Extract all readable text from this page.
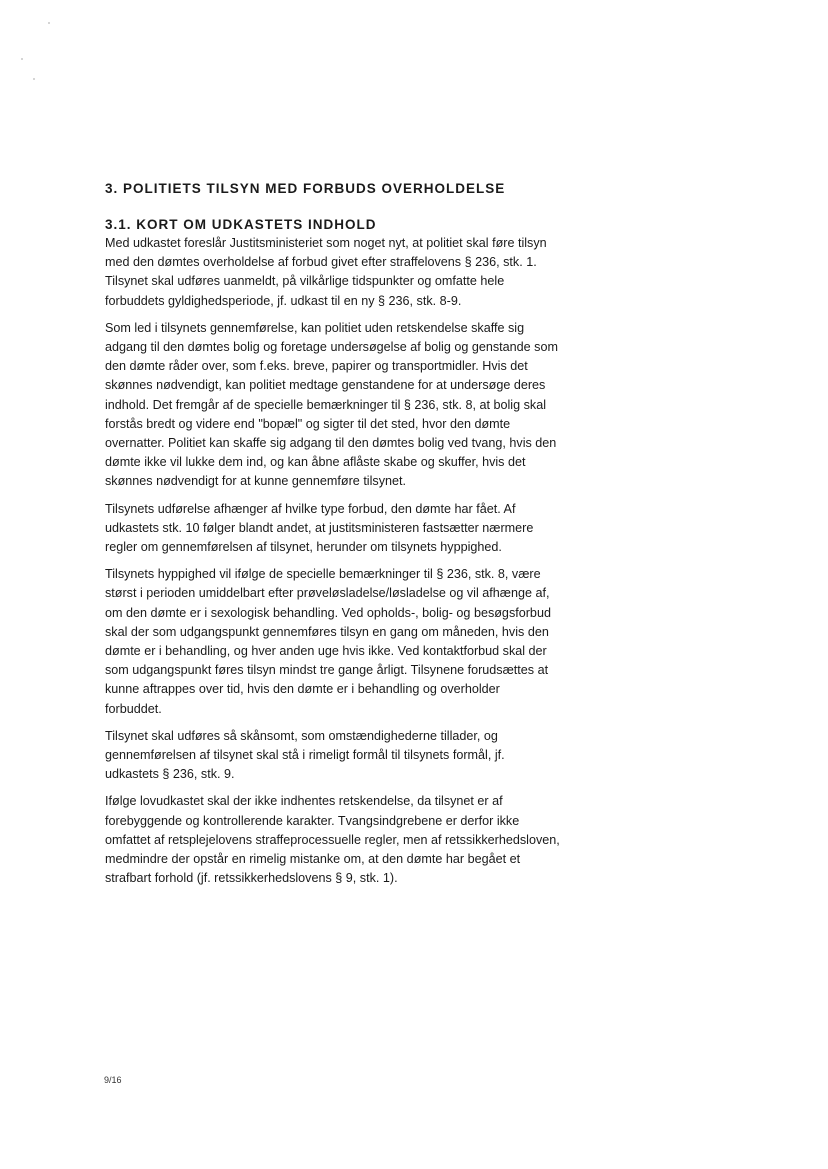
3. POLITIETS TILSYN MED FORBUDS OVERHOLDELSE
3.1. KORT OM UDKASTETS INDHOLD

Med udkastet foreslår Justitsministeriet som noget nyt, at politiet skal føre tilsyn med den dømtes overholdelse af forbud givet efter straffelovens § 236, stk. 1. Tilsynet skal udføres uanmeldt, på vilkårlige tidspunkter og omfatte hele forbuddets gyldighedsperiode, jf. udkast til en ny § 236, stk. 8-9.

Som led i tilsynets gennemførelse, kan politiet uden retskendelse skaffe sig adgang til den dømtes bolig og foretage undersøgelse af bolig og genstande som den dømte råder over, som f.eks. breve, papirer og transportmidler. Hvis det skønnes nødvendigt, kan politiet medtage genstandene for at undersøge deres indhold. Det fremgår af de specielle bemærkninger til § 236, stk. 8, at bolig skal forstås bredt og videre end "bopæl" og sigter til det sted, hvor den dømte overnatter. Politiet kan skaffe sig adgang til den dømtes bolig ved tvang, hvis den dømte ikke vil lukke dem ind, og kan åbne aflåste skabe og skuffer, hvis det skønnes nødvendigt for at kunne gennemføre tilsynet.

Tilsynets udførelse afhænger af hvilke type forbud, den dømte har fået. Af udkastets stk. 10 følger blandt andet, at justitsministeren fastsætter nærmere regler om gennemførelsen af tilsynet, herunder om tilsynets hyppighed.

Tilsynets hyppighed vil ifølge de specielle bemærkninger til § 236, stk. 8, være størst i perioden umiddelbart efter prøveløsladelse/løsladelse og vil afhænge af, om den dømte er i sexologisk behandling. Ved opholds-, bolig- og besøgsforbud skal der som udgangspunkt gennemføres tilsyn en gang om måneden, hvis den dømte er i behandling, og hver anden uge hvis ikke. Ved kontaktforbud skal der som udgangspunkt føres tilsyn mindst tre gange årligt. Tilsynene forudsættes at kunne aftrappes over tid, hvis den dømte er i behandling og overholder forbuddet.

Tilsynet skal udføres så skånsomt, som omstændighederne tillader, og gennemførelsen af tilsynet skal stå i rimeligt formål til tilsynets formål, jf. udkastets § 236, stk. 9.

Ifølge lovudkastet skal der ikke indhentes retskendelse, da tilsynet er af forebyggende og kontrollerende karakter. Tvangsindgrebene er derfor ikke omfattet af retsplejelovens straffeprocessuelle regler, men af retssikkerhedsloven, medmindre der opstår en rimelig mistanke om, at den dømte har begået et strafbart forhold (jf. retssikkerhedslovens § 9, stk. 1).

9/16
